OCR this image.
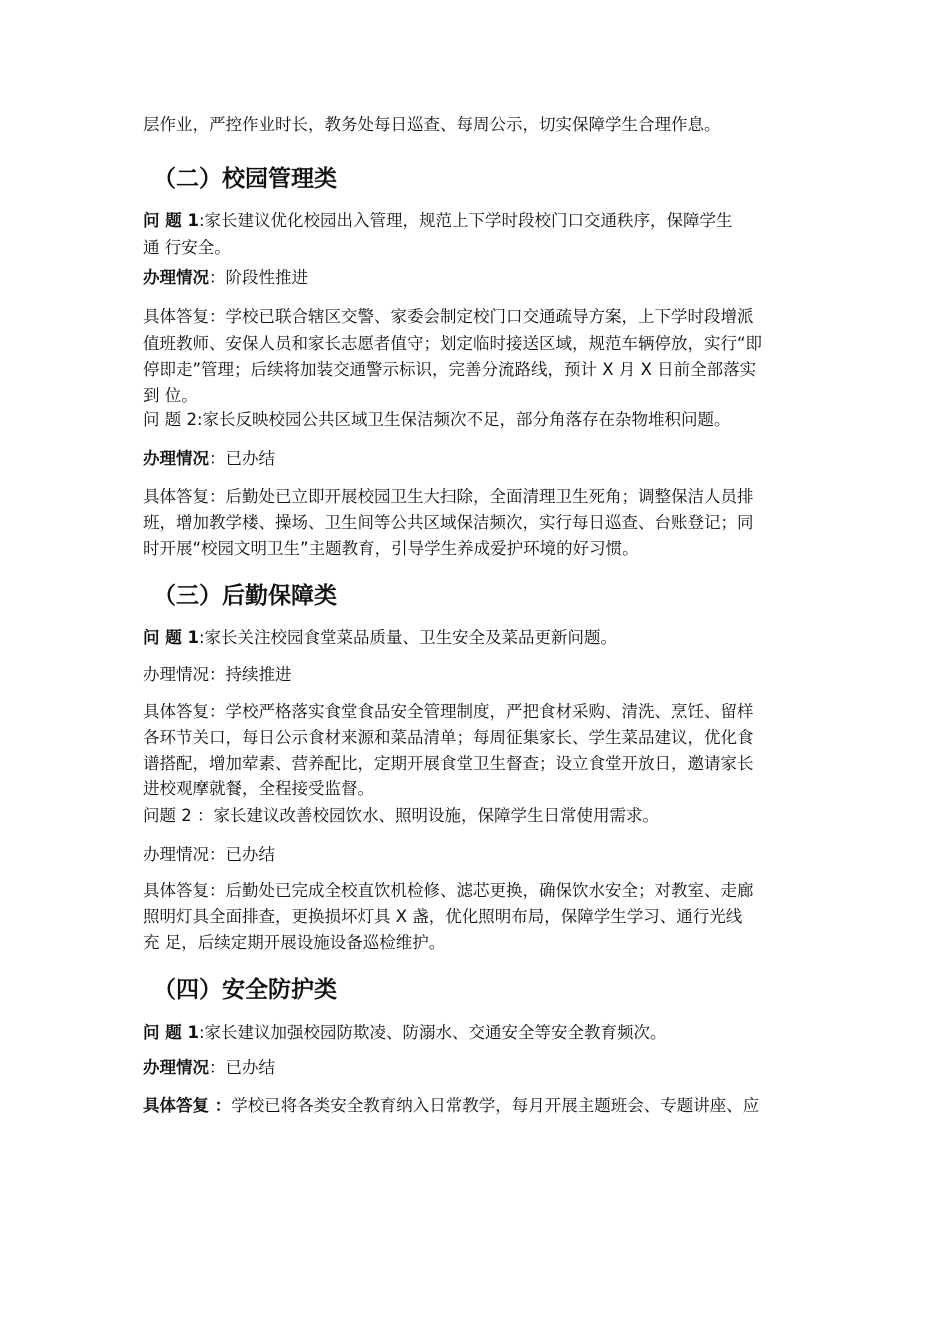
层作业，严控作业时长，教务处每日巡查、每周公示，切实保障学生合理作息。
（二）校园管理类
问 题 1:家长建议优化校园出入管理，规范上下学时段校门口交通秩序，保障学生
通 行安全。
办理情况：阶段性推进
具体答复：学校已联合辖区交警、家委会制定校门口交通疏导方案，上下学时段增派
值班教师、安保人员和家长志愿者值守；划定临时接送区域，规范车辆停放，实行“即
停即走”管理；后续将加装交通警示标识，完善分流路线，预计 X 月 X 日前全部落实
到 位。
问 题 2:家长反映校园公共区域卫生保洁频次不足，部分角落存在杂物堆积问题。
办理情况：已办结
具体答复：后勤处已立即开展校园卫生大扫除，全面清理卫生死角；调整保洁人员排
班，增加教学楼、操场、卫生间等公共区域保洁频次，实行每日巡查、台账登记；同
时开展“校园文明卫生”主题教育，引导学生养成爱护环境的好习惯。
（三）后勤保障类
问 题 1:家长关注校园食堂菜品质量、卫生安全及菜品更新问题。
办理情况：持续推进
具体答复：学校严格落实食堂食品安全管理制度，严把食材采购、清洗、烹饪、留样
各环节关口，每日公示食材来源和菜品清单；每周征集家长、学生菜品建议，优化食
谱搭配，增加荤素、营养配比，定期开展食堂卫生督查；设立食堂开放日，邀请家长
进校观摩就餐，全程接受监督。
问题 2 ：家长建议改善校园饮水、照明设施，保障学生日常使用需求。
办理情况：已办结
具体答复：后勤处已完成全校直饮机检修、滤芯更换，确保饮水安全；对教室、走廊
照明灯具全面排查，更换损坏灯具 X 盏，优化照明布局，保障学生学习、通行光线
充 足，后续定期开展设施设备巡检维护。
（四）安全防护类
问 题 1:家长建议加强校园防欺凌、防溺水、交通安全等安全教育频次。
办理情况：已办结
具体答复 ：学校已将各类安全教育纳入日常教学，每月开展主题班会、专题讲座、应
